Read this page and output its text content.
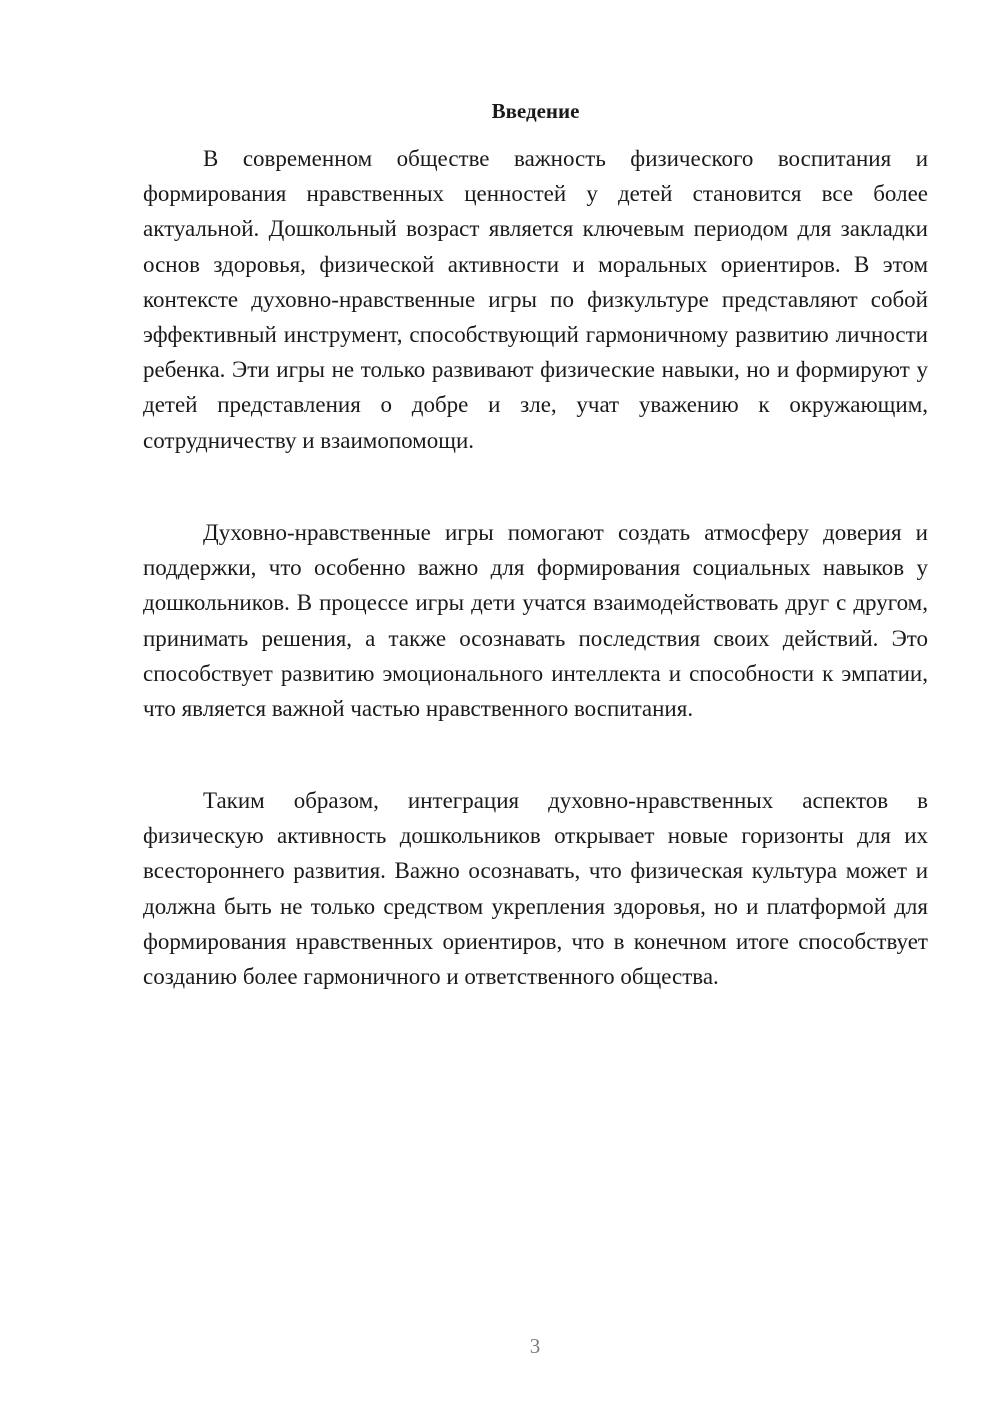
Введение

В современном обществе важность физического воспитания и формирования нравственных ценностей у детей становится все более актуальной. Дошкольный возраст является ключевым периодом для закладки основ здоровья, физической активности и моральных ориентиров. В этом контексте духовно-нравственные игры по физкультуре представляют собой эффективный инструмент, способствующий гармоничному развитию личности ребенка. Эти игры не только развивают физические навыки, но и формируют у детей представления о добре и зле, учат уважению к окружающим, сотрудничеству и взаимопомощи.

Духовно-нравственные игры помогают создать атмосферу доверия и поддержки, что особенно важно для формирования социальных навыков у дошкольников. В процессе игры дети учатся взаимодействовать друг с другом, принимать решения, а также осознавать последствия своих действий. Это способствует развитию эмоционального интеллекта и способности к эмпатии, что является важной частью нравственного воспитания.

Таким образом, интеграция духовно-нравственных аспектов в физическую активность дошкольников открывает новые горизонты для их всестороннего развития. Важно осознавать, что физическая культура может и должна быть не только средством укрепления здоровья, но и платформой для формирования нравственных ориентиров, что в конечном итоге способствует созданию более гармоничного и ответственного общества.

3
